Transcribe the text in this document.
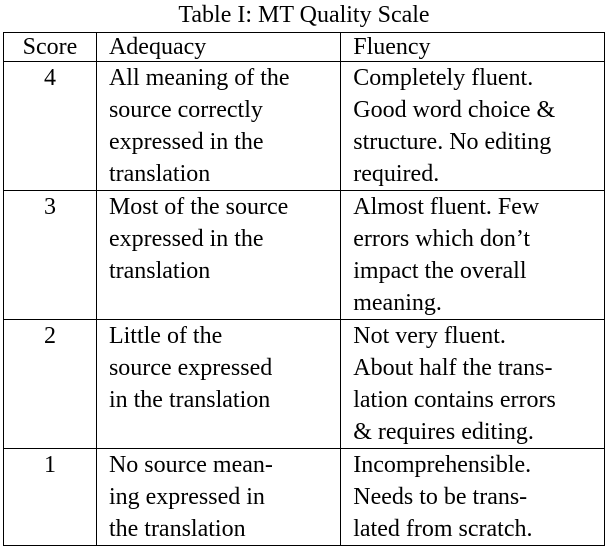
Table I: MT Quality Scale
Score	Adequacy	Fluency
4	All meaning of the
source correctly
expressed in the
translation	Completely fluent.
Good word choice &
structure. No editing
required.

3	Most of the source
expressed in the
translation	Almost fluent. Few
errors which don’t
impact the overall
meaning.

2	Little of the
source expressed
in the translation	Not very fluent.
About half the trans-
lation contains errors
& requires editing.

1	No source mean-
ing expressed in
the translation	Incomprehensible.
Needs to be trans-
lated from scratch.
